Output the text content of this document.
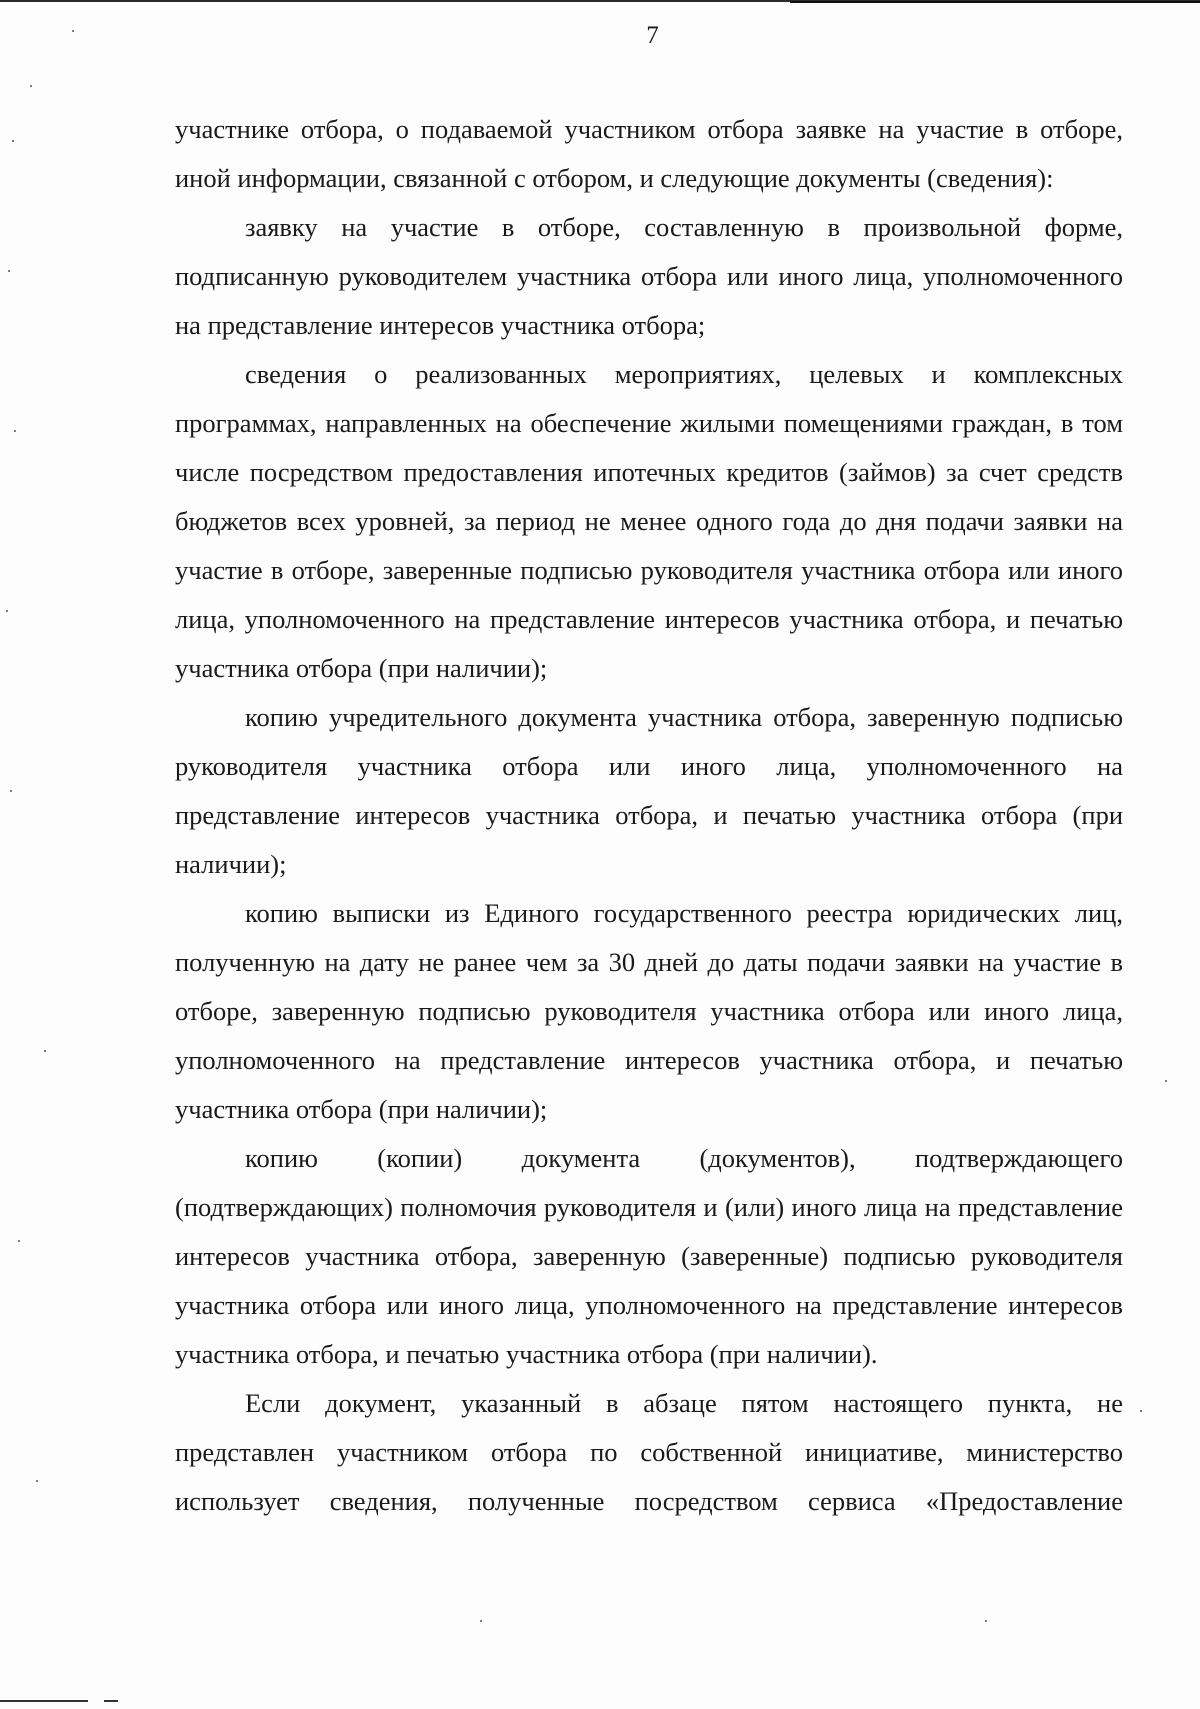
7

участнике отбора, о подаваемой участником отбора заявке на участие в отборе, иной информации, связанной с отбором, и следующие документы (сведения):

заявку на участие в отборе, составленную в произвольной форме, подписанную руководителем участника отбора или иного лица, уполномоченного на представление интересов участника отбора;

сведения о реализованных мероприятиях, целевых и комплексных программах, направленных на обеспечение жилыми помещениями граждан, в том числе посредством предоставления ипотечных кредитов (займов) за счет средств бюджетов всех уровней, за период не менее одного года до дня подачи заявки на участие в отборе, заверенные подписью руководителя участника отбора или иного лица, уполномоченного на представление интересов участника отбора, и печатью участника отбора (при наличии);

копию учредительного документа участника отбора, заверенную подписью руководителя участника отбора или иного лица, уполномоченного на представление интересов участника отбора, и печатью участника отбора (при наличии);

копию выписки из Единого государственного реестра юридических лиц, полученную на дату не ранее чем за 30 дней до даты подачи заявки на участие в отборе, заверенную подписью руководителя участника отбора или иного лица, уполномоченного на представление интересов участника отбора, и печатью участника отбора (при наличии);

копию (копии) документа (документов), подтверждающего (подтверждающих) полномочия руководителя и (или) иного лица на представление интересов участника отбора, заверенную (заверенные) подписью руководителя участника отбора или иного лица, уполномоченного на представление интересов участника отбора, и печатью участника отбора (при наличии).

Если документ, указанный в абзаце пятом настоящего пункта, не представлен участником отбора по собственной инициативе, министерство использует сведения, полученные посредством сервиса «Предоставление
